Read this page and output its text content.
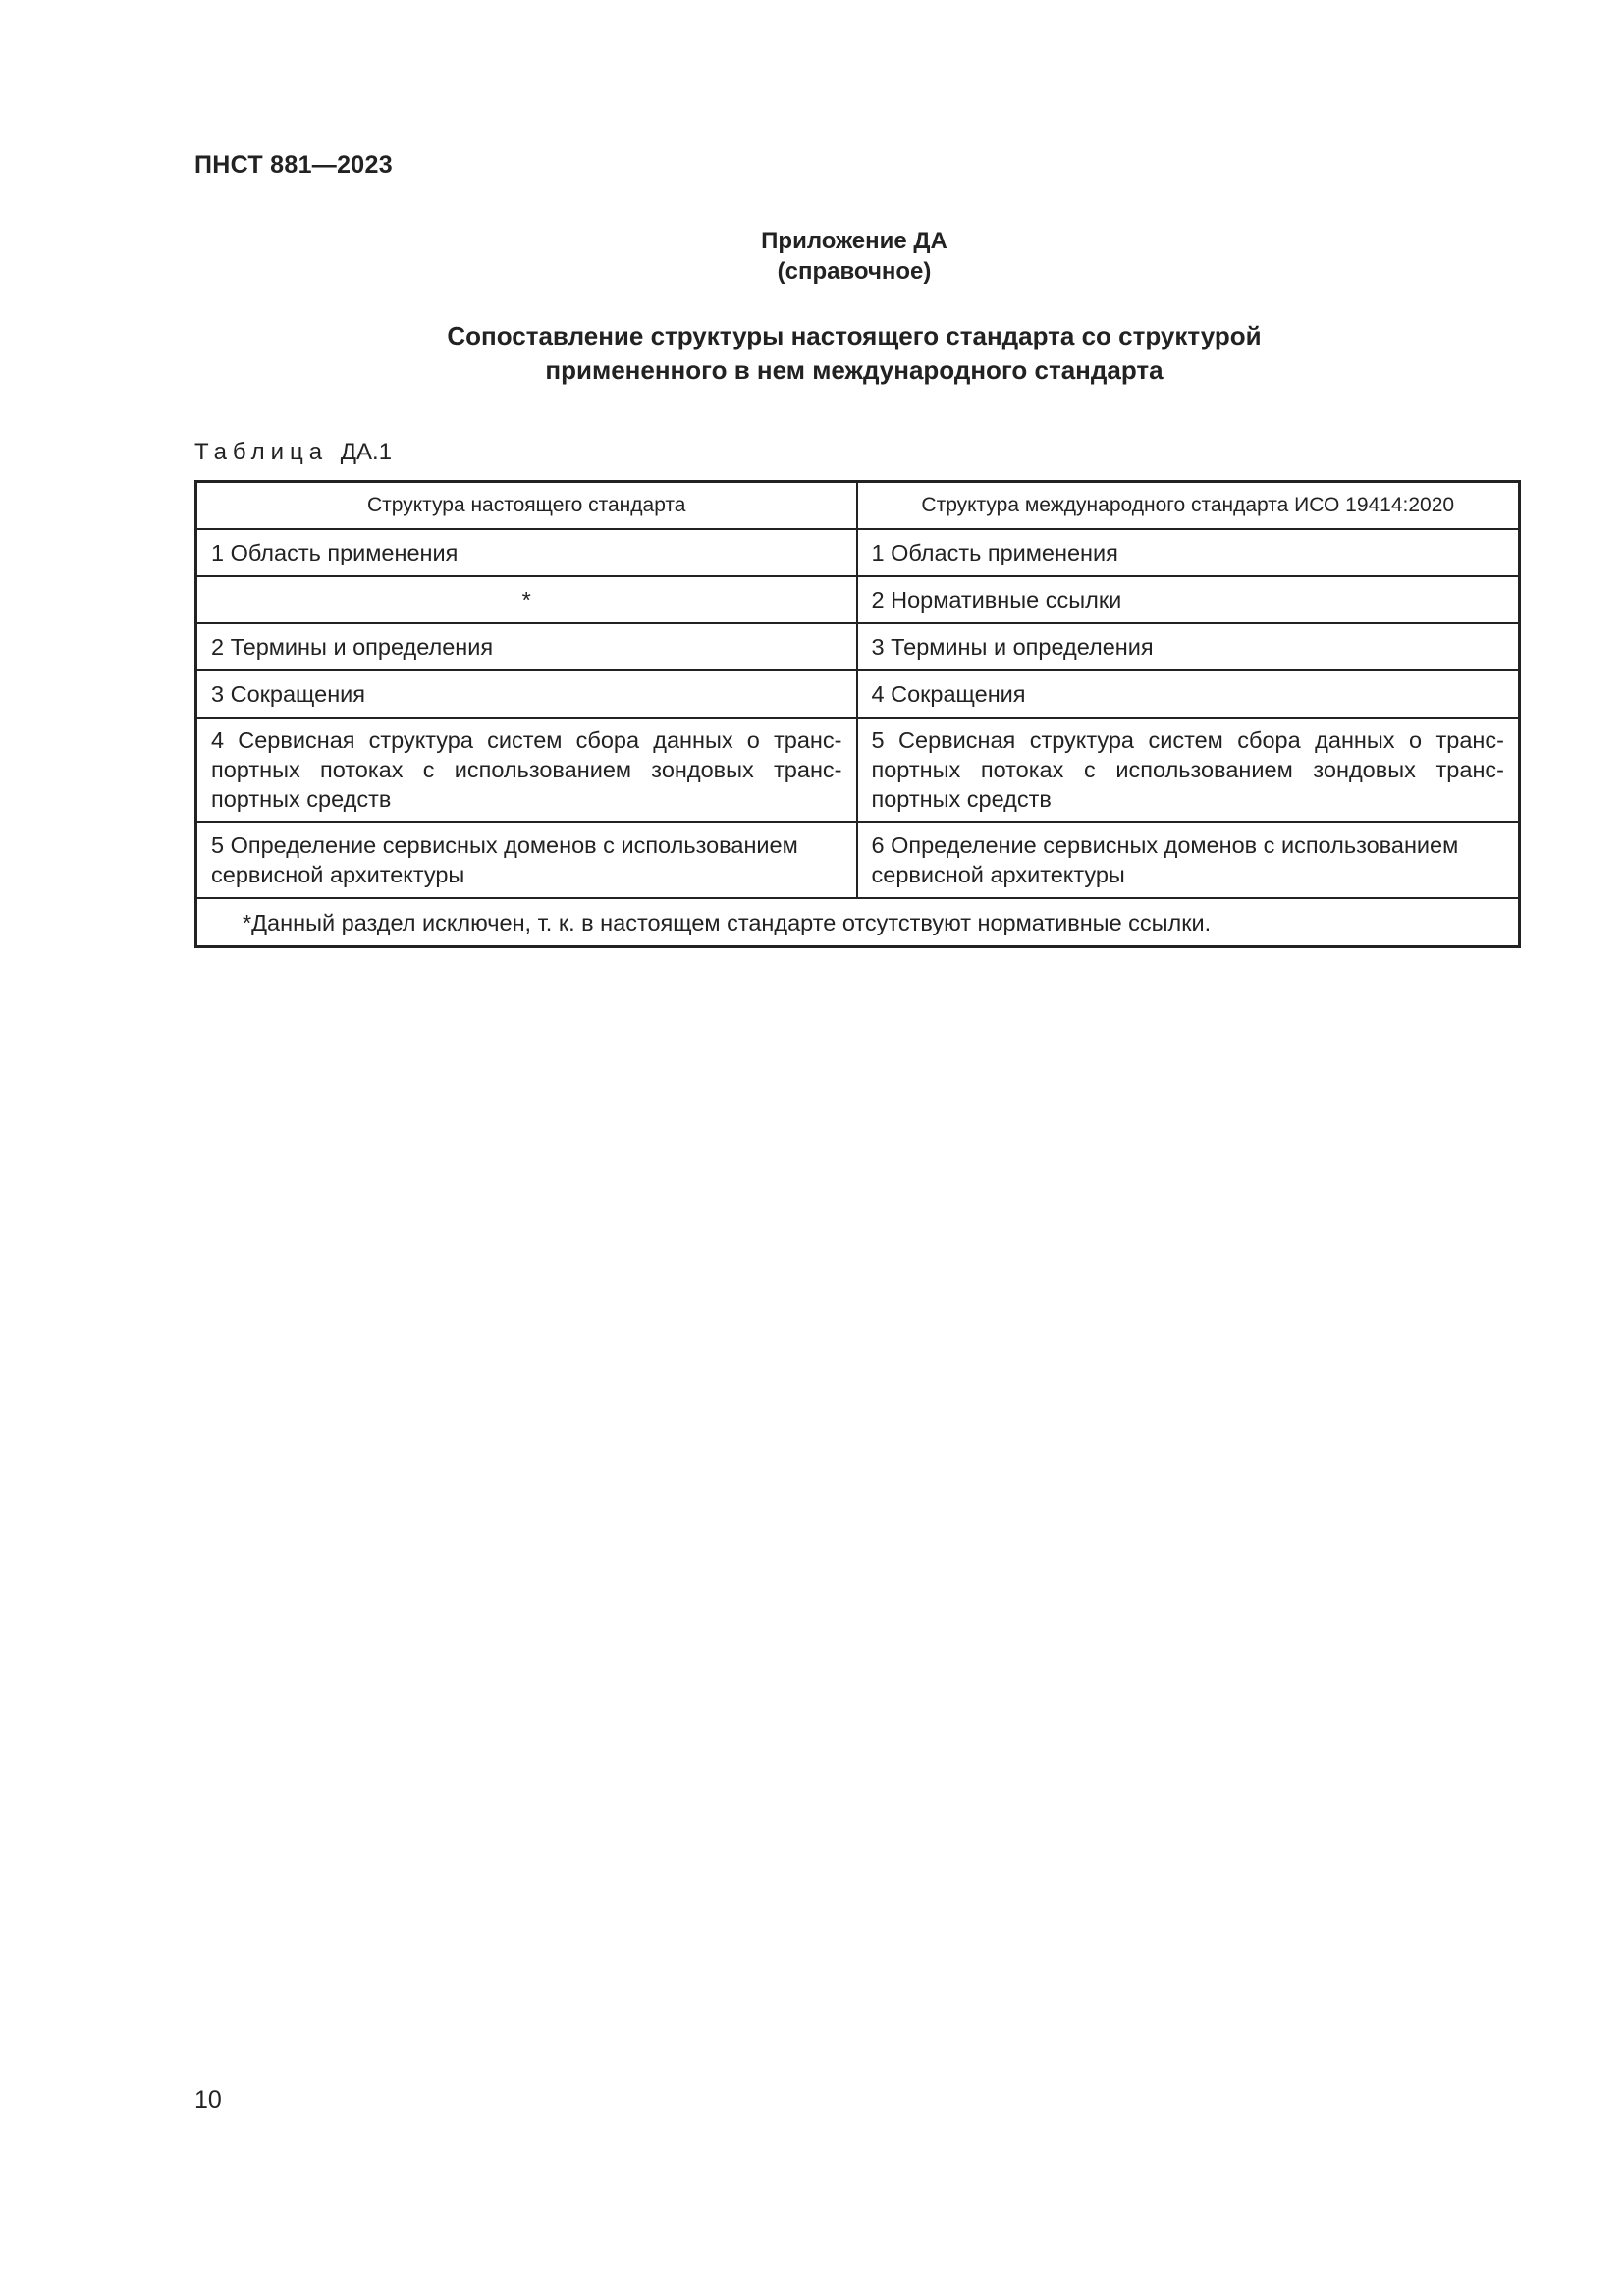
ПНСТ 881—2023
Приложение ДА
(справочное)
Сопоставление структуры настоящего стандарта со структурой
примененного в нем международного стандарта
Таблица ДА.1
Структура настоящего стандарта	Структура международного стандарта ИСО 19414:2020
1 Область применения	1 Область применения
*	2 Нормативные ссылки
2 Термины и определения	3 Термины и определения
3 Сокращения	4 Сокращения
4 Сервисная структура систем сбора данных о транс-портных потоках с использованием зондовых транс-портных средств	5 Сервисная структура систем сбора данных о транс-портных потоках с использованием зондовых транс-портных средств
5 Определение сервисных доменов с использованием сервисной архитектуры	6 Определение сервисных доменов с использованием сервисной архитектуры
*Данный раздел исключен, т. к. в настоящем стандарте отсутствуют нормативные ссылки.	
10
